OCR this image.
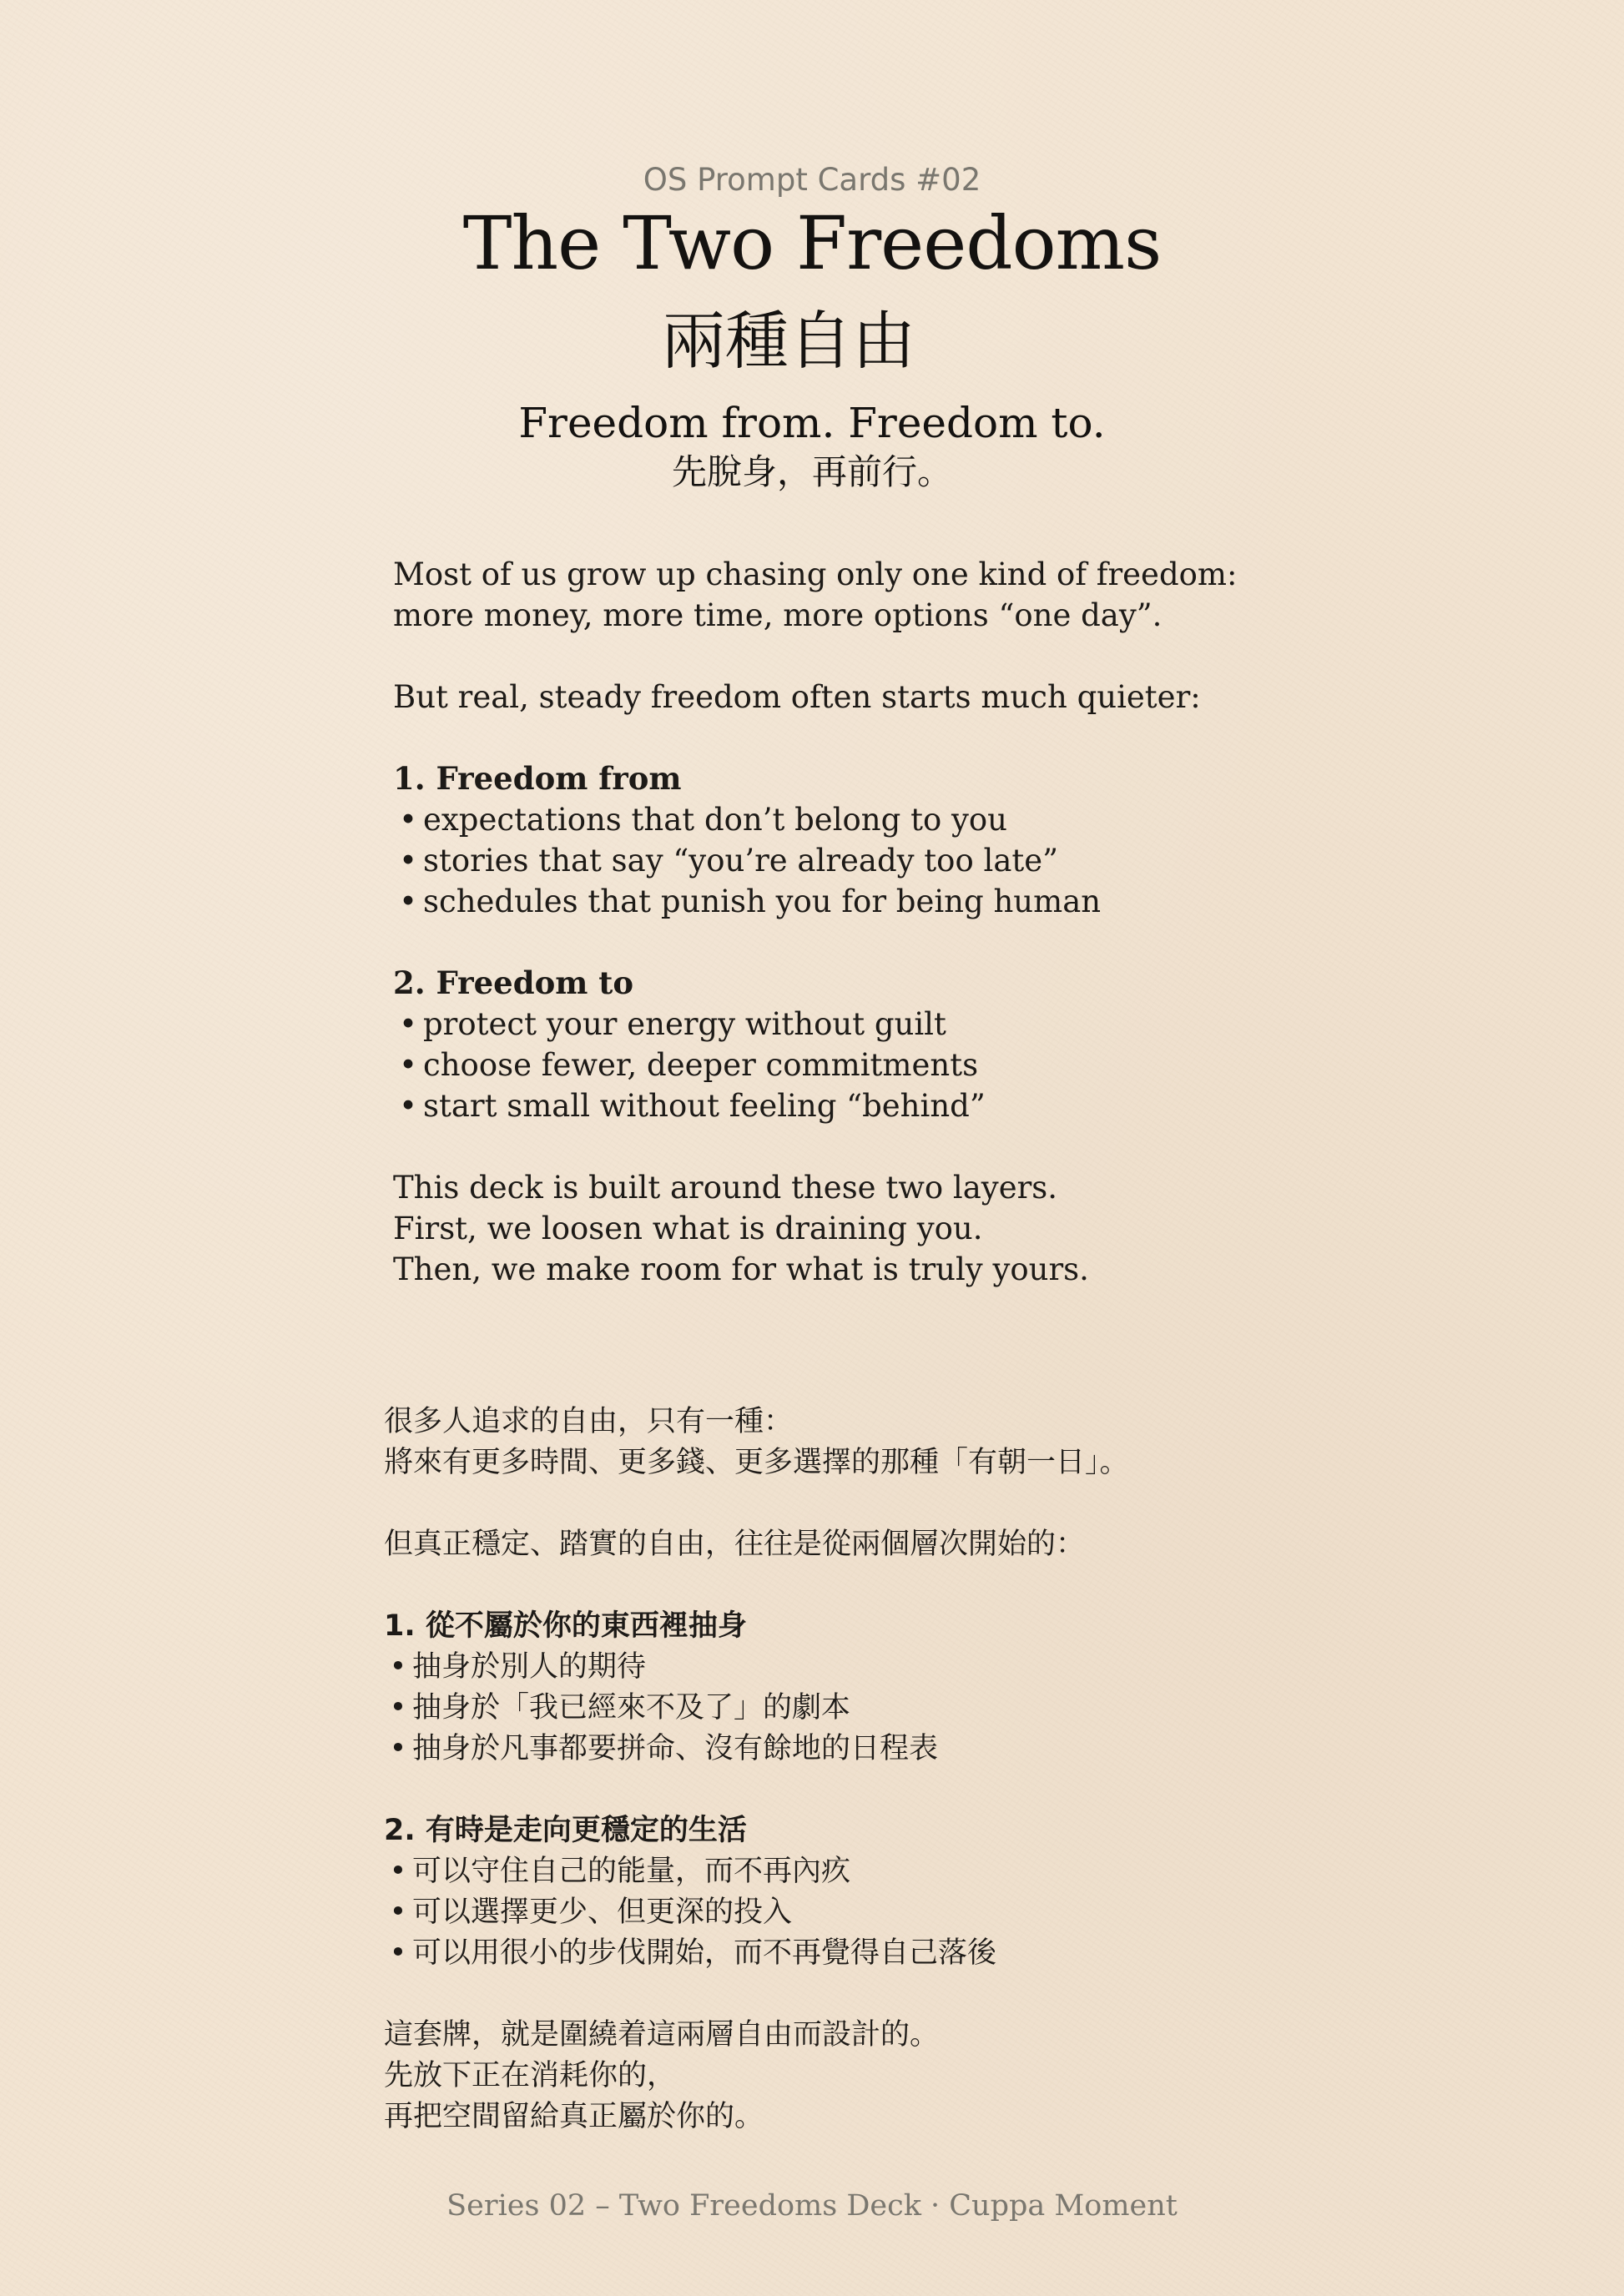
OS Prompt Cards #02
The Two Freedoms
兩種自由
Freedom from. Freedom to.
先脫身，再前行。
Most of us grow up chasing only one kind of freedom:
more money, more time, more options “one day”.
But real, steady freedom often starts much quieter:
1. Freedom from
• expectations that don’t belong to you
• stories that say “you’re already too late”
• schedules that punish you for being human
2. Freedom to
• protect your energy without guilt
• choose fewer, deeper commitments
• start small without feeling “behind”
This deck is built around these two layers.
First, we loosen what is draining you.
Then, we make room for what is truly yours.
很多人追求的自由，只有一種：
將來有更多時間、更多錢、更多選擇的那種「有朝一日」。
但真正穩定、踏實的自由，往往是從兩個層次開始的：
1. 從不屬於你的東西裡抽身
• 抽身於別人的期待
• 抽身於「我已經來不及了」的劇本
• 抽身於凡事都要拼命、沒有餘地的日程表
2. 有時是走向更穩定的生活
• 可以守住自己的能量，而不再內疚
• 可以選擇更少、但更深的投入
• 可以用很小的步伐開始，而不再覺得自己落後
這套牌，就是圍繞着這兩層自由而設計的。
先放下正在消耗你的，
再把空間留給真正屬於你的。
Series 02 – Two Freedoms Deck · Cuppa Moment
